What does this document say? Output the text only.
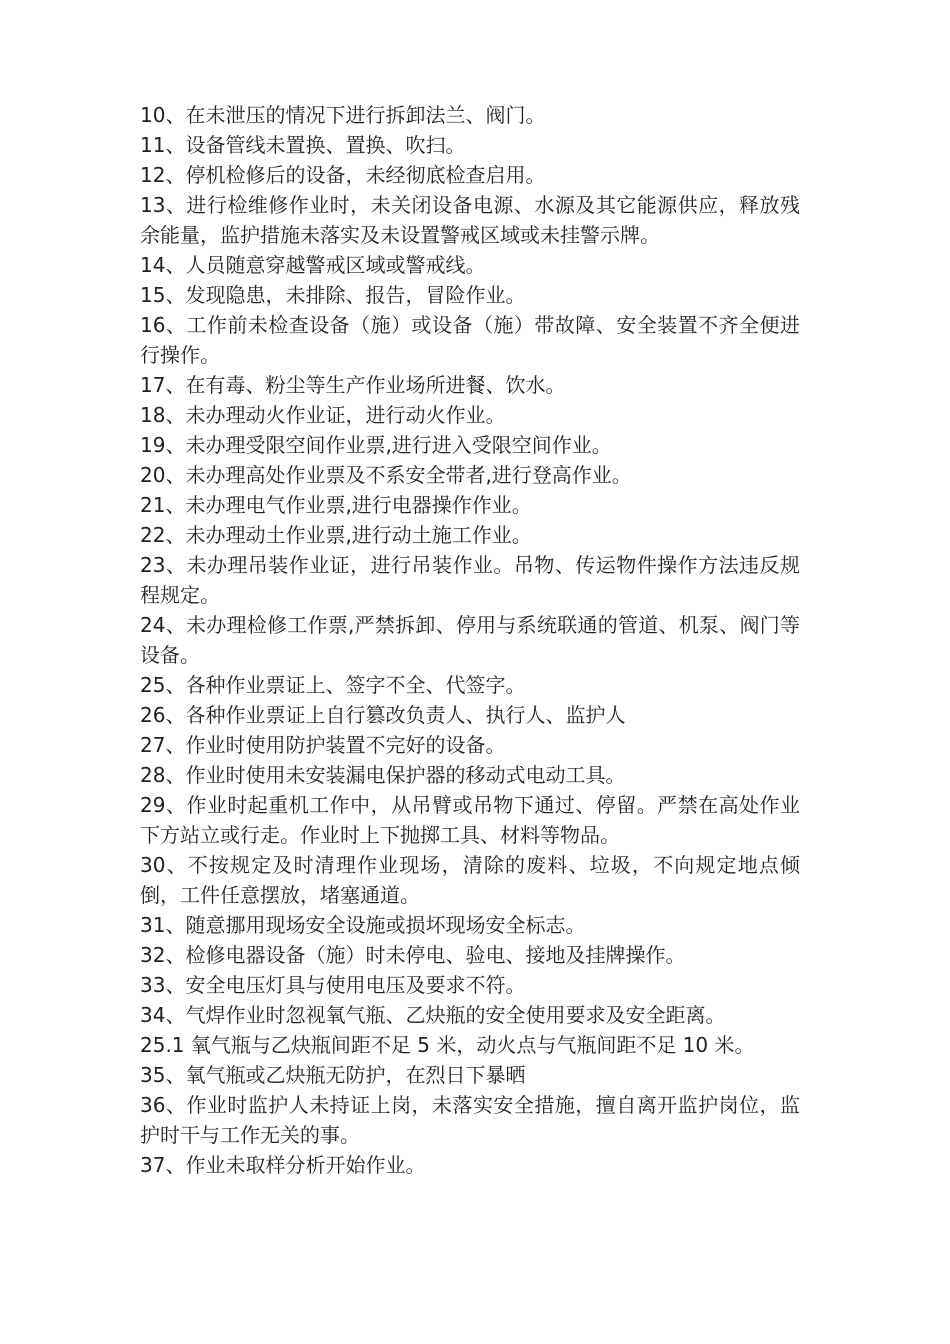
10、在未泄压的情况下进行拆卸法兰、阀门。

11、设备管线未置换、置换、吹扫。

12、停机检修后的设备，未经彻底检查启用。

13、进行检维修作业时，未关闭设备电源、水源及其它能源供应，释放残余能量，监护措施未落实及未设置警戒区域或未挂警示牌。

14、人员随意穿越警戒区域或警戒线。

15、发现隐患，未排除、报告，冒险作业。

16、工作前未检查设备（施）或设备（施）带故障、安全装置不齐全便进行操作。

17、在有毒、粉尘等生产作业场所进餐、饮水。

18、未办理动火作业证，进行动火作业。

19、未办理受限空间作业票,进行进入受限空间作业。

20、未办理高处作业票及不系安全带者,进行登高作业。

21、未办理电气作业票,进行电器操作作业。

22、未办理动土作业票,进行动土施工作业。

23、未办理吊装作业证，进行吊装作业。吊物、传运物件操作方法违反规程规定。

24、未办理检修工作票,严禁拆卸、停用与系统联通的管道、机泵、阀门等设备。

25、各种作业票证上、签字不全、代签字。

26、各种作业票证上自行篡改负责人、执行人、监护人

27、作业时使用防护装置不完好的设备。

28、作业时使用未安装漏电保护器的移动式电动工具。

29、作业时起重机工作中，从吊臂或吊物下通过、停留。严禁在高处作业下方站立或行走。作业时上下抛掷工具、材料等物品。

30、不按规定及时清理作业现场，清除的废料、垃圾，不向规定地点倾倒，工件任意摆放，堵塞通道。

31、随意挪用现场安全设施或损坏现场安全标志。

32、检修电器设备（施）时未停电、验电、接地及挂牌操作。

33、安全电压灯具与使用电压及要求不符。

34、气焊作业时忽视氧气瓶、乙炔瓶的安全使用要求及安全距离。

25.1 氧气瓶与乙炔瓶间距不足 5 米，动火点与气瓶间距不足 10 米。

35、氧气瓶或乙炔瓶无防护，在烈日下暴晒

36、作业时监护人未持证上岗，未落实安全措施，擅自离开监护岗位，监护时干与工作无关的事。

37、作业未取样分析开始作业。
